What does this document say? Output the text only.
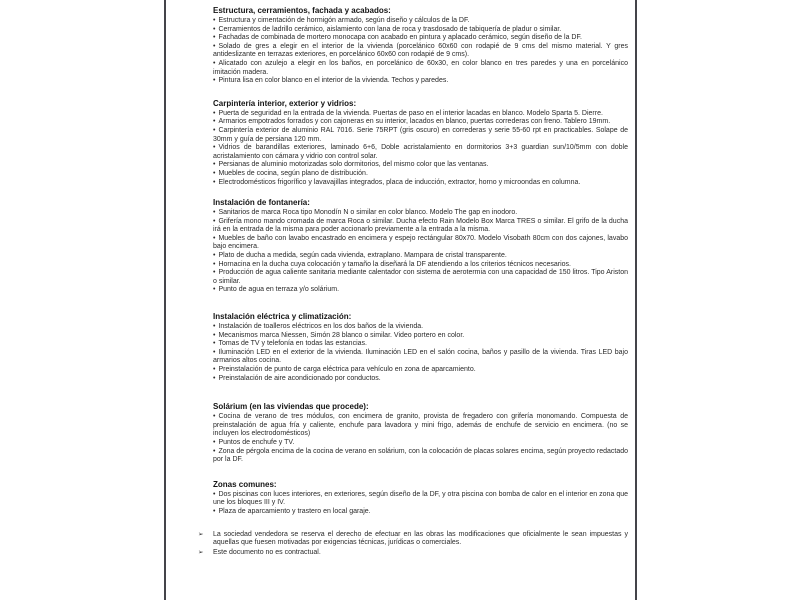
Estructura, cerramientos, fachada y acabados:

• Estructura y cimentación de hormigón armado, según diseño y cálculos de la DF.

• Cerramientos de ladrillo cerámico, aislamiento con lana de roca y trasdosado de tabiquería de pladur o similar.

• Fachadas de combinada de mortero monocapa con acabado en pintura y aplacado cerámico, según diseño de la DF.

• Solado de gres a elegir en el interior de la vivienda (porcelánico 60x60 con rodapié de 9 cms del mismo material. Y gres antideslizante en terrazas exteriores, en porcelánico 60x60 con rodapié de 9 cms).

• Alicatado con azulejo a elegir en los baños, en porcelánico de 60x30, en color blanco en tres paredes y una en porcelánico imitación madera.

• Pintura lisa en color blanco en el interior de la vivienda. Techos y paredes.

Carpintería interior, exterior y vidrios:

• Puerta de seguridad en la entrada de la vivienda. Puertas de paso en el interior lacadas en blanco. Modelo Sparta 5. Dierre.

• Armarios empotrados forrados y con cajoneras en su interior, lacados en blanco, puertas correderas con freno. Tablero 19mm.

• Carpintería exterior de aluminio RAL 7016. Serie 75RPT (gris oscuro) en correderas y serie 55-60 rpt en practicables. Solape de 30mm y guía de persiana 120 mm.

• Vidrios de barandillas exteriores, laminado 6+6, Doble acristalamiento en dormitorios 3+3 guardian sun/10/5mm con doble acristalamiento con cámara y vidrio con control solar.

• Persianas de aluminio motorizadas solo dormitorios, del mismo color que las ventanas.

• Muebles de cocina, según plano de distribución.

• Electrodomésticos frigorífico y lavavajillas integrados, placa de inducción, extractor, horno y microondas en columna.

Instalación de fontanería:

• Sanitarios de marca Roca tipo Monodín N o similar en color blanco. Modelo The gap en inodoro.

• Grifería mono mando cromada de marca Roca o similar. Ducha efecto Rain Modelo Box Marca TRES o similar. El grifo de la ducha irá en la entrada de la misma para poder accionarlo previamente a la entrada a la misma.

• Muebles de baño con lavabo encastrado en encimera y espejo rectángular 80x70. Modelo Visobath 80cm con dos cajones, lavabo bajo encimera.

• Plato de ducha a medida, según cada vivienda, extraplano. Mampara de cristal transparente.

• Hornacina en la ducha cuya colocación y tamaño la diseñará la DF atendiendo a los criterios técnicos necesarios.

• Producción de agua caliente sanitaria mediante calentador con sistema de aerotermia con una capacidad de 150 litros. Tipo Ariston o similar.

• Punto de agua en terraza y/o solárium.

Instalación eléctrica y climatización:

• Instalación de toalleros eléctricos en los dos baños de la vivienda.

• Mecanismos marca Niessen, Simón 28 blanco o similar. Video portero en color.

• Tomas de TV y telefonía en todas las estancias.

• Iluminación LED en el exterior de la vivienda. Iluminación LED en el salón cocina, baños y pasillo de la vivienda. Tiras LED bajo armarios altos cocina.

• Preinstalación de punto de carga eléctrica para vehículo en zona de aparcamiento.

• Preinstalación de aire acondicionado por conductos.

Solárium (en las viviendas que procede):

• Cocina de verano de tres módulos, con encimera de granito, provista de fregadero con grifería monomando. Compuesta de preinstalación de agua fría y caliente, enchufe para lavadora y mini frigo, además de enchufe de servicio en encimera. (no se incluyen los electrodomésticos)

• Puntos de enchufe y TV.

• Zona de pérgola encima de la cocina de verano en solárium, con la colocación de placas solares encima, según proyecto redactado por la DF.

Zonas comunes:

• Dos piscinas con luces interiores, en exteriores, según diseño de la DF, y otra piscina con bomba de calor en el interior en zona que une los bloques III y IV.

• Plaza de aparcamiento y trastero en local garaje.

➢ La sociedad vendedora se reserva el derecho de efectuar en las obras las modificaciones que oficialmente le sean impuestas y aquellas que fuesen motivadas por exigencias técnicas, jurídicas o comerciales.

➢ Este documento no es contractual.
